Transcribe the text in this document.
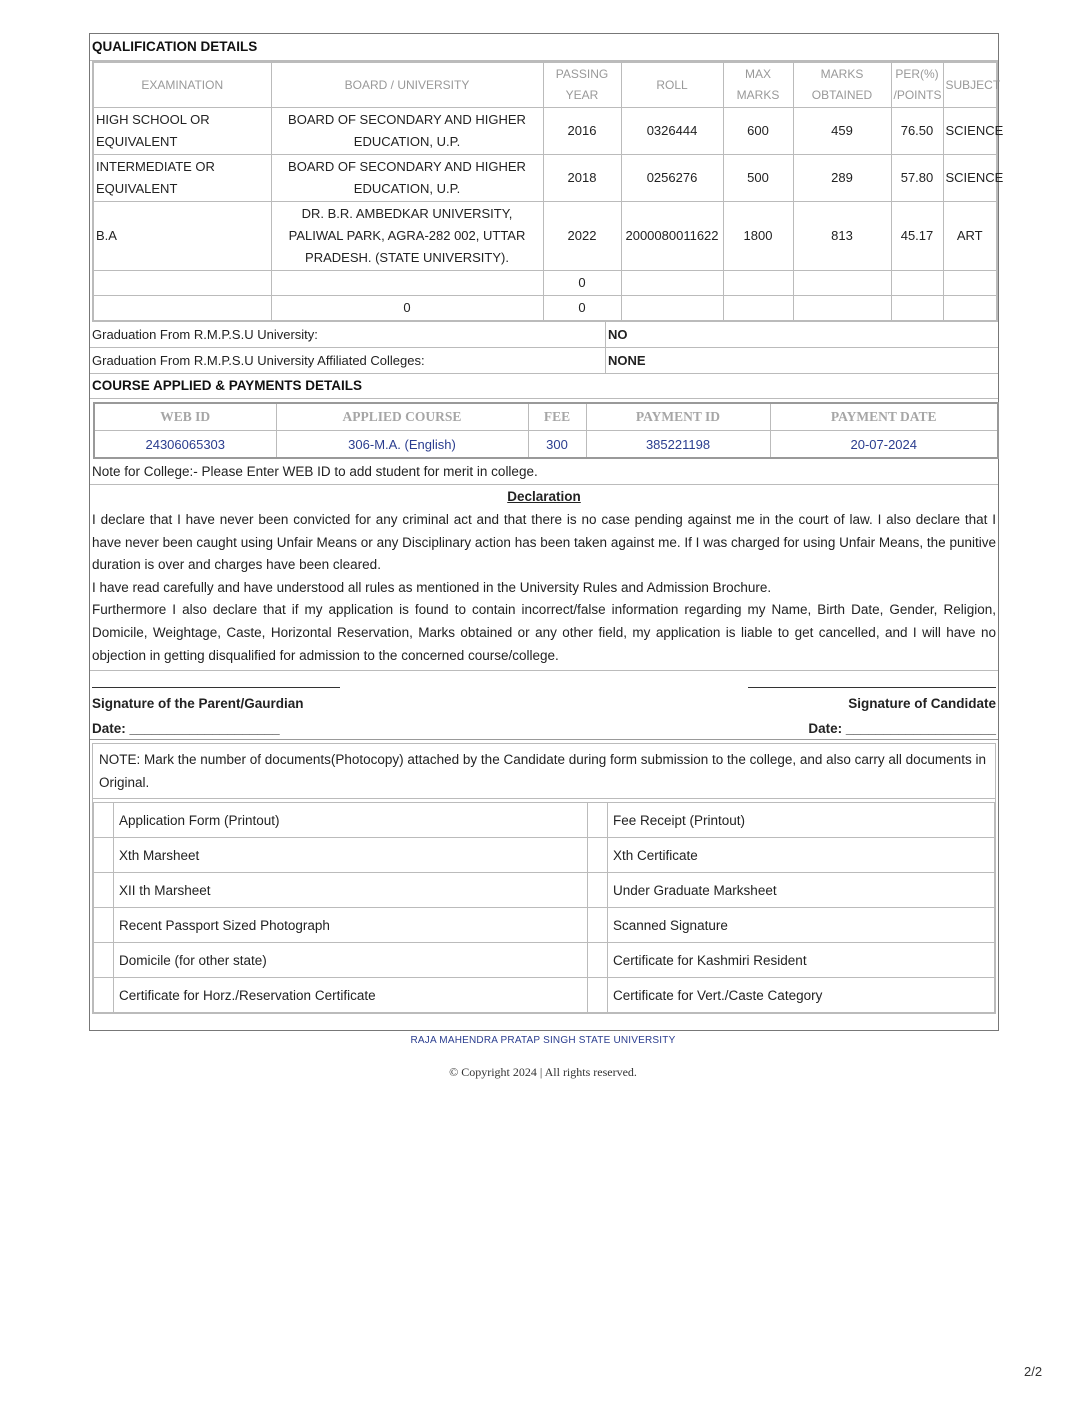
QUALIFICATION DETAILS
EXAMINATION	BOARD / UNIVERSITY	PASSING YEAR	ROLL	MAX MARKS	MARKS OBTAINED	PER(%) /POINTS	SUBJECT
HIGH SCHOOL OR EQUIVALENT	BOARD OF SECONDARY AND HIGHER EDUCATION, U.P.	2016	0326444	600	459	76.50	SCIENCE
INTERMEDIATE OR EQUIVALENT	BOARD OF SECONDARY AND HIGHER EDUCATION, U.P.	2018	0256276	500	289	57.80	SCIENCE
B.A	DR. B.R. AMBEDKAR UNIVERSITY, PALIWAL PARK, AGRA-282 002, UTTAR PRADESH. (STATE UNIVERSITY).	2022	2000080011622	1800	813	45.17	ART
		0					
	0	0					
Graduation From R.M.P.S.U University:	NO
Graduation From R.M.P.S.U University Affiliated Colleges:	NONE
COURSE APPLIED & PAYMENTS DETAILS
WEB ID	APPLIED COURSE	FEE	PAYMENT ID	PAYMENT DATE
24306065303	306-M.A. (English)	300	385221198	20-07-2024
Note for College:- Please Enter WEB ID to add student for merit in college.
Declaration

I declare that I have never been convicted for any criminal act and that there is no case pending against me in the court of law. I also declare that I have never been caught using Unfair Means or any Disciplinary action has been taken against me. If I was charged for using Unfair Means, the punitive duration is over and charges have been cleared.

I have read carefully and have understood all rules as mentioned in the University Rules and Admission Brochure.

Furthermore I also declare that if my application is found to contain incorrect/false information regarding my Name, Birth Date, Gender, Religion, Domicile, Weightage, Caste, Horizontal Reservation, Marks obtained or any other field, my application is liable to get cancelled, and I will have no objection in getting disqualified for admission to the concerned course/college.

Signature of the Parent/Gaurdian	Signature of Candidate
Date: ____________________	Date: ____________________
NOTE: Mark the number of documents(Photocopy) attached by the Candidate during form submission to the college, and also carry all documents in Original.
	Application Form (Printout)		Fee Receipt (Printout)
	Xth Marsheet		Xth Certificate
	XII th Marsheet		Under Graduate Marksheet
	Recent Passport Sized Photograph		Scanned Signature
	Domicile (for other state)		Certificate for Kashmiri Resident
	Certificate for Horz./Reservation Certificate		Certificate for Vert./Caste Category
RAJA MAHENDRA PRATAP SINGH STATE UNIVERSITY
© Copyright 2024 | All rights reserved.
2/2
